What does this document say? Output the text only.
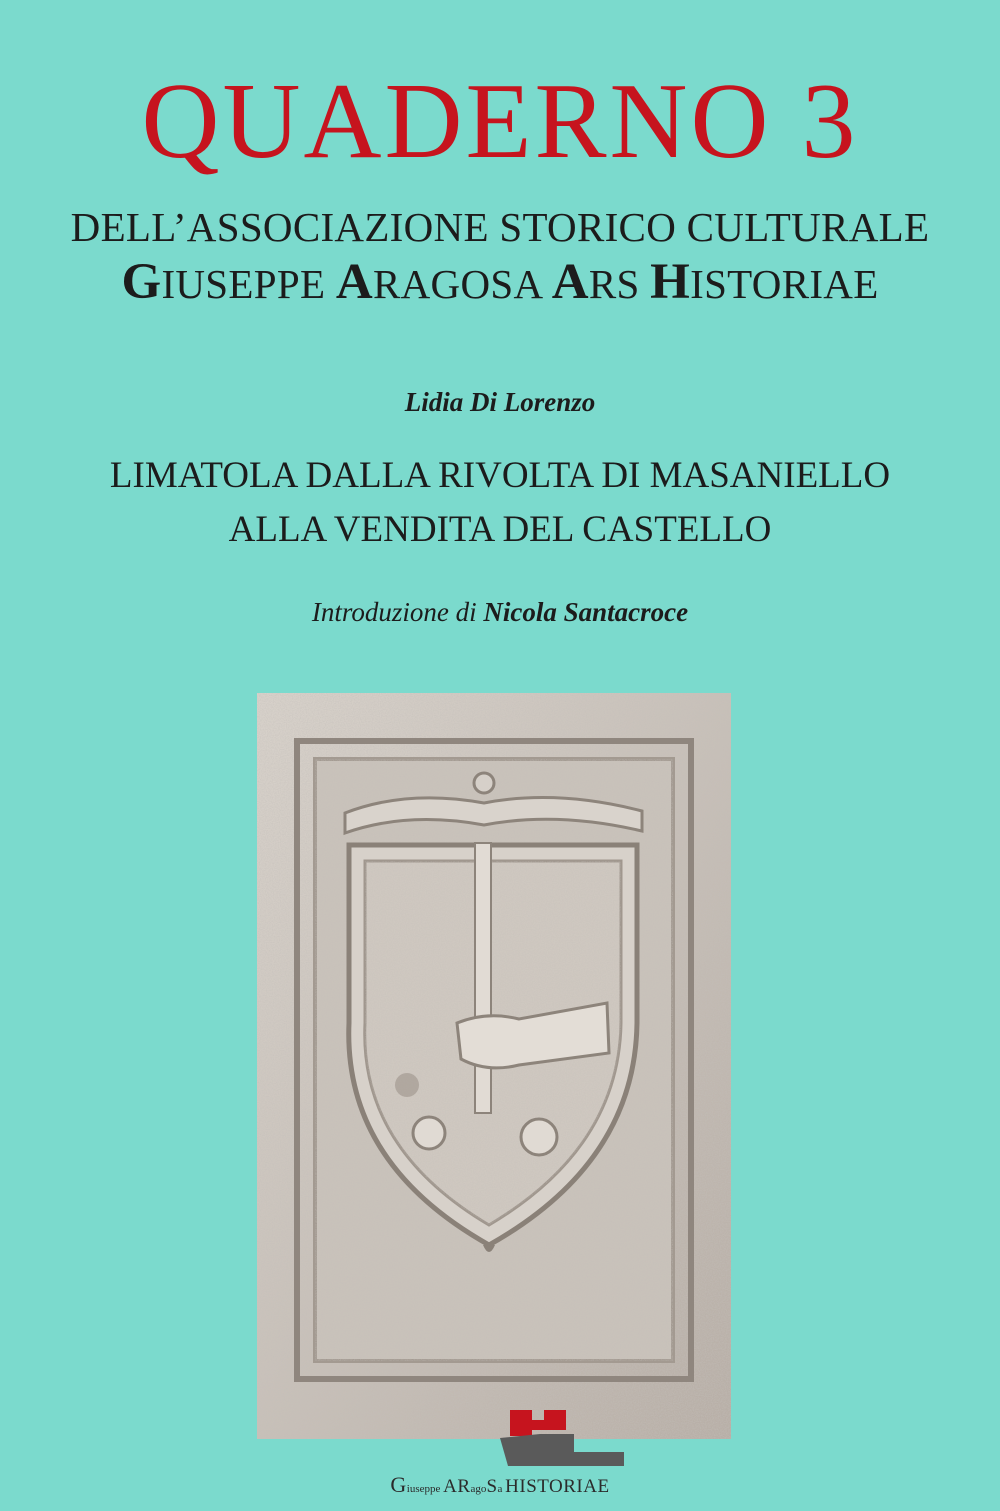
QUADERNO 3
DELL’ASSOCIAZIONE STORICO CULTURALE
GIUSEPPE ARAGOSA ARS HISTORIAE
Lidia Di Lorenzo
LIMATOLA DALLA RIVOLTA DI MASANIELLO
ALLA VENDITA DEL CASTELLO
Introduzione di Nicola Santacroce
Giuseppe ARagoSa HISTORIAE
